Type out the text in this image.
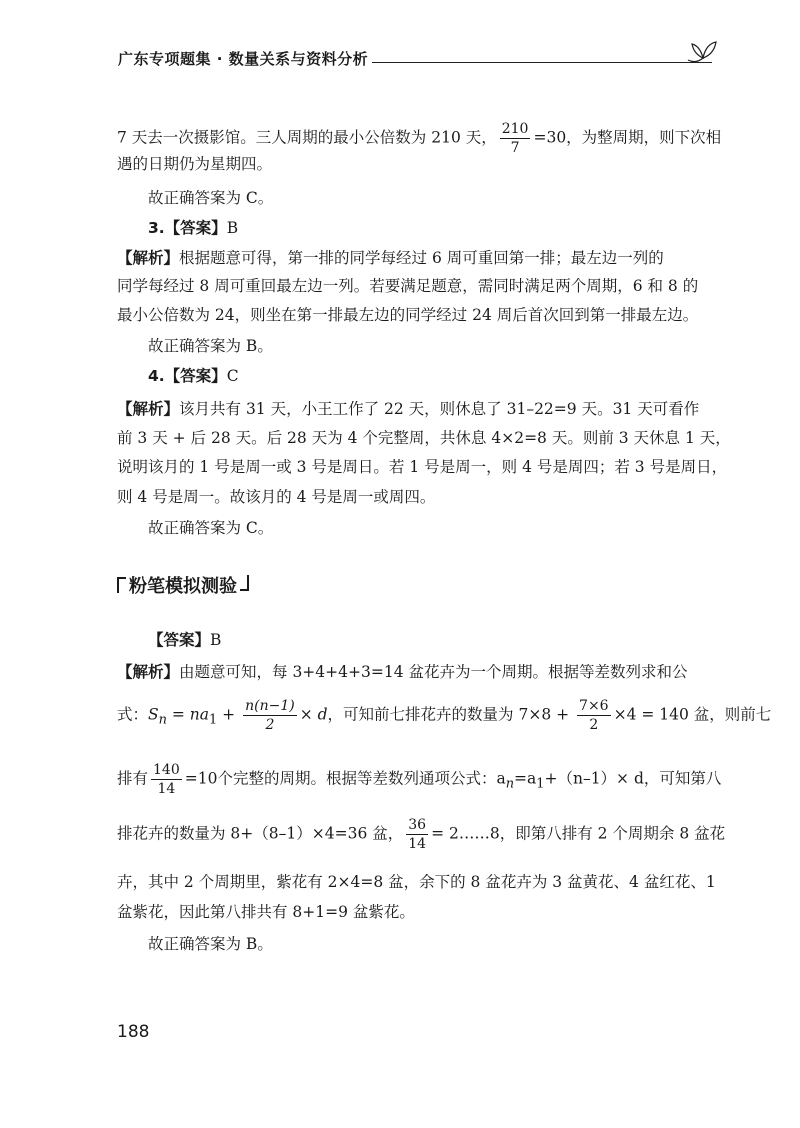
广东专项题集 · 数量关系与资料分析
7 天去一次摄影馆。三人周期的最小公倍数为 210 天， $\frac{210}{7} =30$，为整周期，则下次相
遇的日期仍为星期四。
故正确答案为 C。
3.【答案】B
【解析】根据题意可得，第一排的同学每经过 6 周可重回第一排；最左边一列的
同学每经过 8 周可重回最左边一列。若要满足题意，需同时满足两个周期，6 和 8 的
最小公倍数为 24，则坐在第一排最左边的同学经过 24 周后首次回到第一排最左边。
故正确答案为 B。
4.【答案】C
【解析】该月共有 31 天，小王工作了 22 天，则休息了 31–22=9 天。31 天可看作
前 3 天 + 后 28 天。后 28 天为 4 个完整周，共休息 4×2=8 天。则前 3 天休息 1 天，
说明该月的 1 号是周一或 3 号是周日。若 1 号是周一，则 4 号是周四；若 3 号是周日，
则 4 号是周一。故该月的 4 号是周一或周四。
故正确答案为 C。
粉笔模拟测验
【答案】B
【解析】由题意可知，每 3+4+4+3=14 盆花卉为一个周期。根据等差数列求和公
式：$S_n = na_1 + \frac{n(n-1)}{2} \times d$，可知前七排花卉的数量为 $7\times 8 + \frac{7\times 6}{2} \times 4 = 140$ 盆，则前七
排有 $\frac{140}{14} =10$个完整的周期。根据等差数列通项公式：$a_n=a_1+(n-1)\times d$，可知第八
排花卉的数量为 8+（8–1）×4=36 盆， $\frac{36}{14}$ = 2……8，即第八排有 2 个周期余 8 盆花
卉，其中 2 个周期里，紫花有 2×4=8 盆，余下的 8 盆花卉为 3 盆黄花、4 盆红花、1
盆紫花，因此第八排共有 8+1=9 盆紫花。
故正确答案为 B。
188
